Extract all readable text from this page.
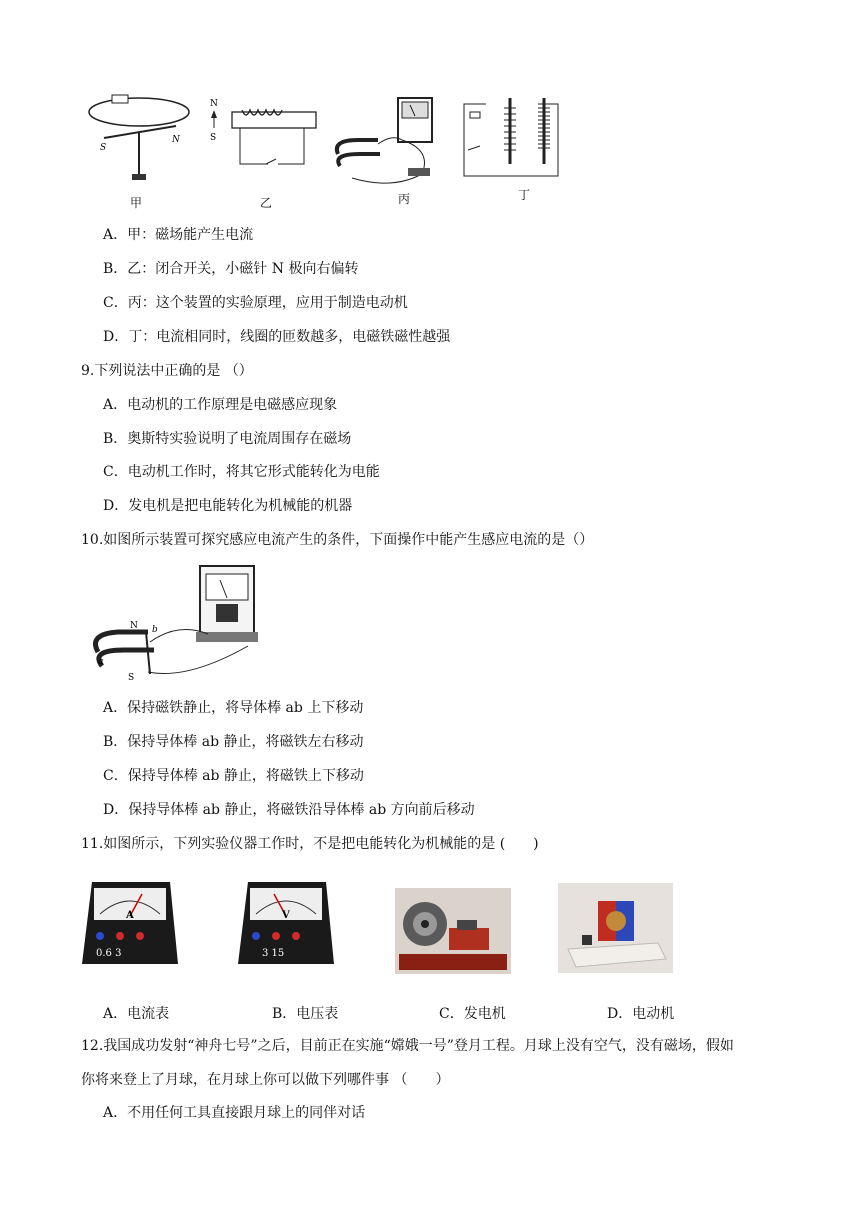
S
N
甲
N
S
乙	丙	丁
A．甲：磁场能产生电流
B．乙：闭合开关，小磁针 N 极向右偏转
C．丙：这个装置的实验原理，应用于制造电动机
D．丁：电流相同时，线圈的匝数越多，电磁铁磁性越强
9.下列说法中正确的是 （）
A．电动机的工作原理是电磁感应现象
B．奥斯特实验说明了电流周围存在磁场
C．电动机工作时，将其它形式能转化为电能
D．发电机是把电能转化为机械能的机器
10.如图所示装置可探究感应电流产生的条件，下面操作中能产生感应电流的是（）
N
S
a
b
A．保持磁铁静止，将导体棒 ab 上下移动
B．保持导体棒 ab 静止，将磁铁左右移动
C．保持导体棒 ab 静止，将磁铁上下移动
D．保持导体棒 ab 静止，将磁铁沿导体棒 ab 方向前后移动
11.如图所示，下列实验仪器工作时，不是把电能转化为机械能的是 (　　)
A
0.6 3
V
3 15
A．电流表	B．电压表	C．发电机	D．电动机
12.我国成功发射“神舟七号”之后，目前正在实施“嫦娥一号”登月工程。月球上没有空气，没有磁场，假如
你将来登上了月球，在月球上你可以做下列哪件事 （　　）
A．不用任何工具直接跟月球上的同伴对话
